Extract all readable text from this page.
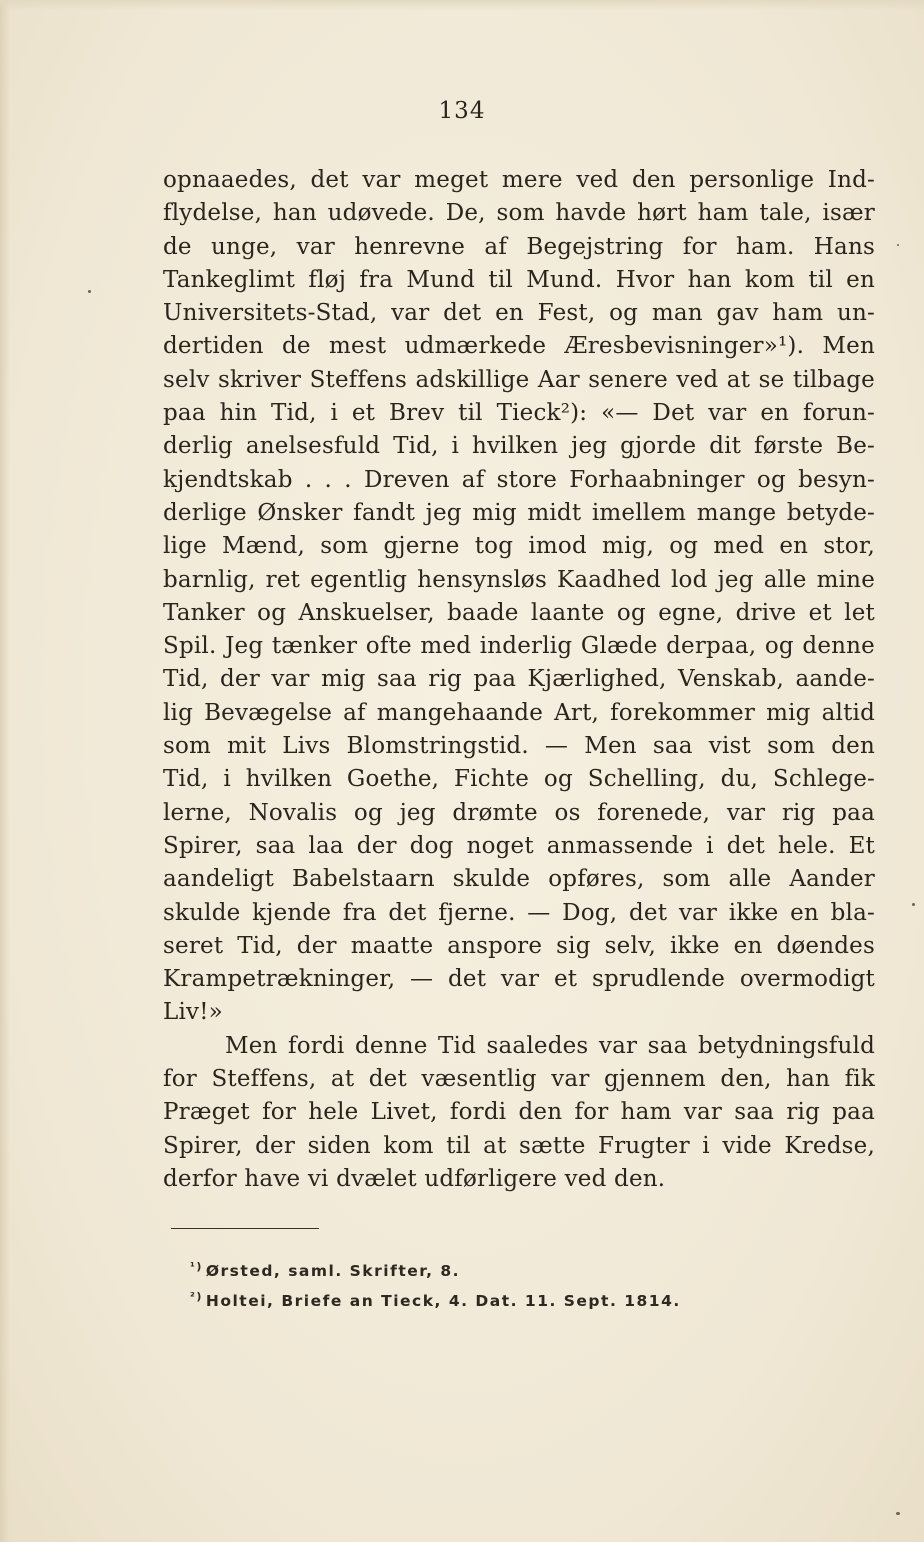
134
opnaaedes, det var meget mere ved den personlige Ind-
flydelse, han udøvede. De, som havde hørt ham tale, især
de unge, var henrevne af Begejstring for ham. Hans
Tankeglimt fløj fra Mund til Mund. Hvor han kom til en
Universitets-Stad, var det en Fest, og man gav ham un-
dertiden de mest udmærkede Æresbevisninger»¹). Men
selv skriver Steffens adskillige Aar senere ved at se tilbage
paa hin Tid, i et Brev til Tieck²): «— Det var en forun-
derlig anelsesfuld Tid, i hvilken jeg gjorde dit første Be-
kjendtskab . . . Dreven af store Forhaabninger og besyn-
derlige Ønsker fandt jeg mig midt imellem mange betyde-
lige Mænd, som gjerne tog imod mig, og med en stor,
barnlig, ret egentlig hensynsløs Kaadhed lod jeg alle mine
Tanker og Anskuelser, baade laante og egne, drive et let
Spil. Jeg tænker ofte med inderlig Glæde derpaa, og denne
Tid, der var mig saa rig paa Kjærlighed, Venskab, aande-
lig Bevægelse af mangehaande Art, forekommer mig altid
som mit Livs Blomstringstid. — Men saa vist som den
Tid, i hvilken Goethe, Fichte og Schelling, du, Schlege-
lerne, Novalis og jeg drømte os forenede, var rig paa
Spirer, saa laa der dog noget anmassende i det hele. Et
aandeligt Babelstaarn skulde opføres, som alle Aander
skulde kjende fra det fjerne. — Dog, det var ikke en bla-
seret Tid, der maatte anspore sig selv, ikke en døendes
Krampetrækninger, — det var et sprudlende overmodigt
Liv!»
Men fordi denne Tid saaledes var saa betydningsfuld
for Steffens, at det væsentlig var gjennem den, han fik
Præget for hele Livet, fordi den for ham var saa rig paa
Spirer, der siden kom til at sætte Frugter i vide Kredse,
derfor have vi dvælet udførligere ved den.
$^{^1)}$ Ørsted, saml. Skrifter, 8.
$^{^2)}$ Holtei, Briefe an Tieck, 4. Dat. 11. Sept. 1814.
